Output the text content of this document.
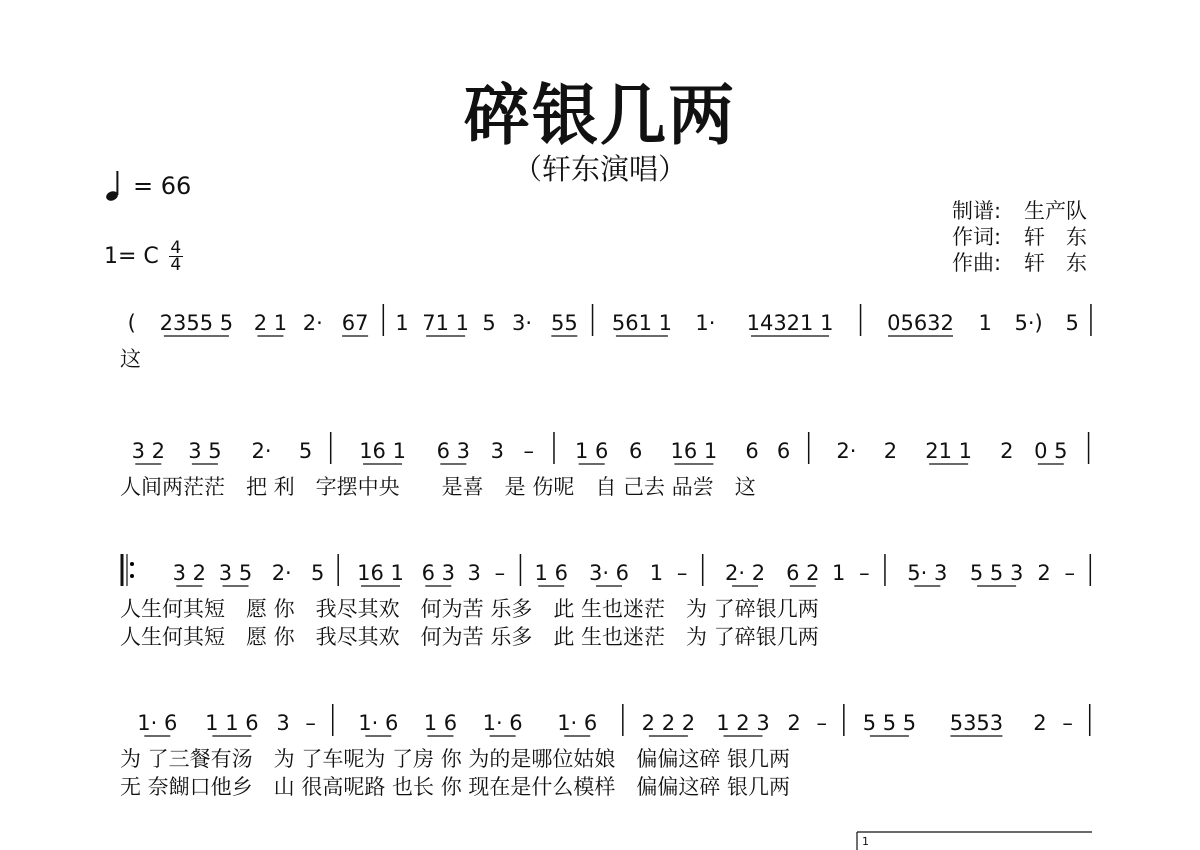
碎银几两
（轩东演唱）
= 66
1= C $\frac{4}{4}$
制谱:	生产队
作词:	轩　东
作曲:	轩　东
( 2355 5 2 1 2· 67 1 71 1 5 3· 55 561 1 1· 14321 1	05632 1 5·) 5
这
3 2 3 5 2· 5 16 1 6 3 3 – 1 6 6 16 1 6 6 2· 2 21 1 2 0 5
人间两茫茫　把 利　字摆中央　　是喜　是 伤呢　自 己去 品尝　这
3 2 3 5 2· 5 16 1 6 3 3 – 1 6 3· 6 1 – 2· 2 6 2 1 – 5· 3 5 5 3 2 –
人生何其短　愿 你　我尽其欢　何为苦 乐多　此 生也迷茫　为 了碎银几两
人生何其短　愿 你　我尽其欢　何为苦 乐多　此 生也迷茫　为 了碎银几两
1· 6 1 1 6 3 – 1· 6 1 6 1· 6 1· 6 2 2 2 1 2 3 2 – 5 5 5 5353 2 –
为 了三餐有汤　为 了车呢为 了房 你 为的是哪位姑娘　偏偏这碎 银几两
无 奈餬口他乡　山 很高呢路 也长 你 现在是什么模样　偏偏这碎 银几两
1
